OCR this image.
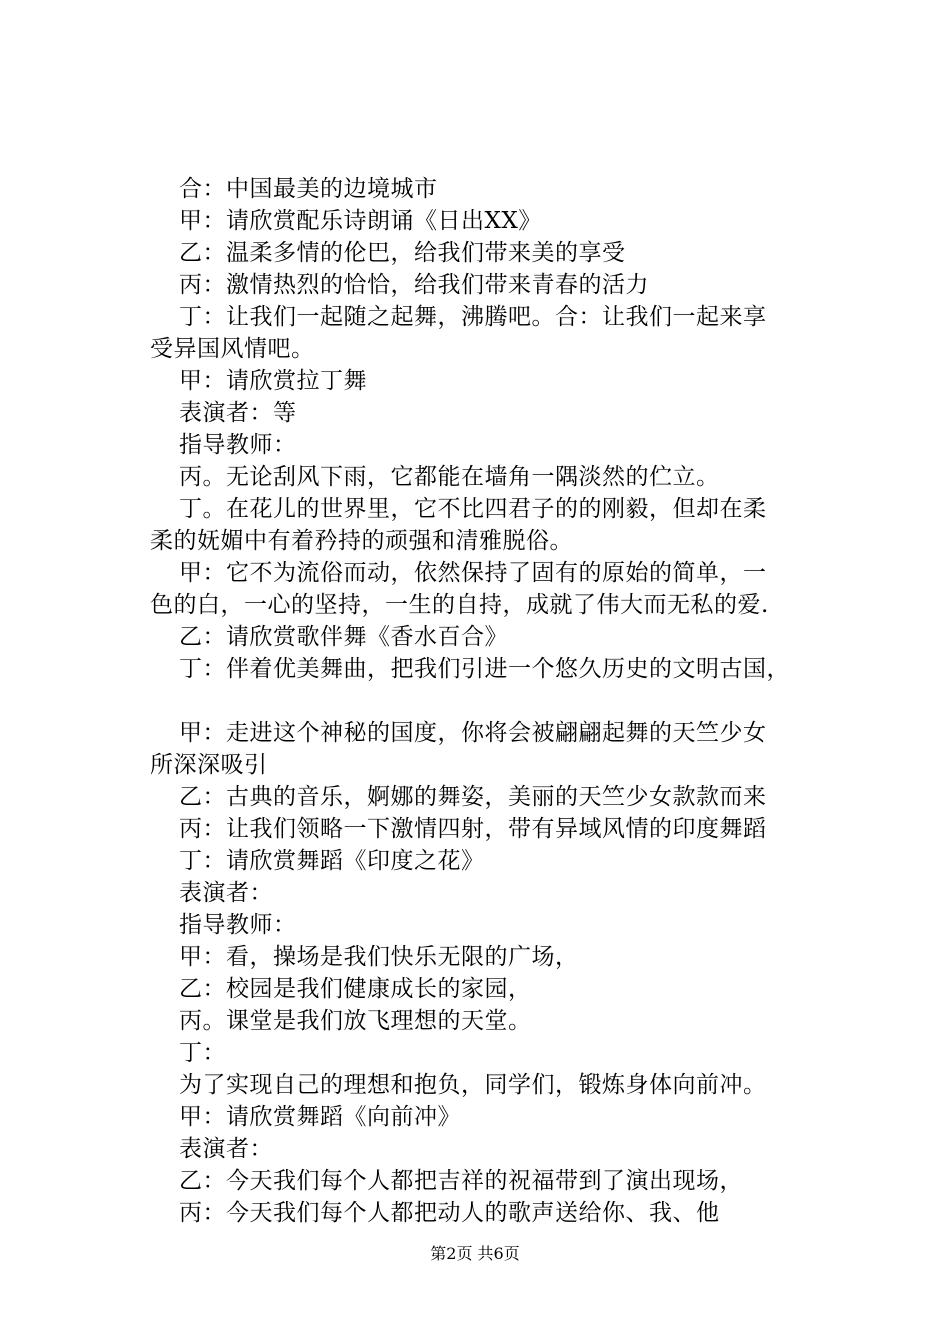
合：中国最美的边境城市
甲：请欣赏配乐诗朗诵《日出XX》
乙：温柔多情的伦巴，给我们带来美的享受
丙：激情热烈的恰恰，给我们带来青春的活力
丁：让我们一起随之起舞，沸腾吧。合：让我们一起来享
受异国风情吧。
甲：请欣赏拉丁舞
表演者：等
指导教师：
丙。无论刮风下雨，它都能在墙角一隅淡然的伫立。
丁。在花儿的世界里，它不比四君子的的刚毅，但却在柔
柔的妩媚中有着矜持的顽强和清雅脱俗。
甲：它不为流俗而动，依然保持了固有的原始的简单，一
色的白，一心的坚持，一生的自持，成就了伟大而无私的爱.
乙：请欣赏歌伴舞《香水百合》
丁：伴着优美舞曲，把我们引进一个悠久历史的文明古国，
甲：走进这个神秘的国度，你将会被翩翩起舞的天竺少女
所深深吸引
乙：古典的音乐，婀娜的舞姿，美丽的天竺少女款款而来
丙：让我们领略一下激情四射，带有异域风情的印度舞蹈
丁：请欣赏舞蹈《印度之花》
表演者：
指导教师：
甲：看，操场是我们快乐无限的广场，
乙：校园是我们健康成长的家园，
丙。课堂是我们放飞理想的天堂。
丁：
为了实现自己的理想和抱负，同学们，锻炼身体向前冲。
甲：请欣赏舞蹈《向前冲》
表演者：
乙：今天我们每个人都把吉祥的祝福带到了演出现场，
丙：今天我们每个人都把动人的歌声送给你、我、他
第2页 共6页
